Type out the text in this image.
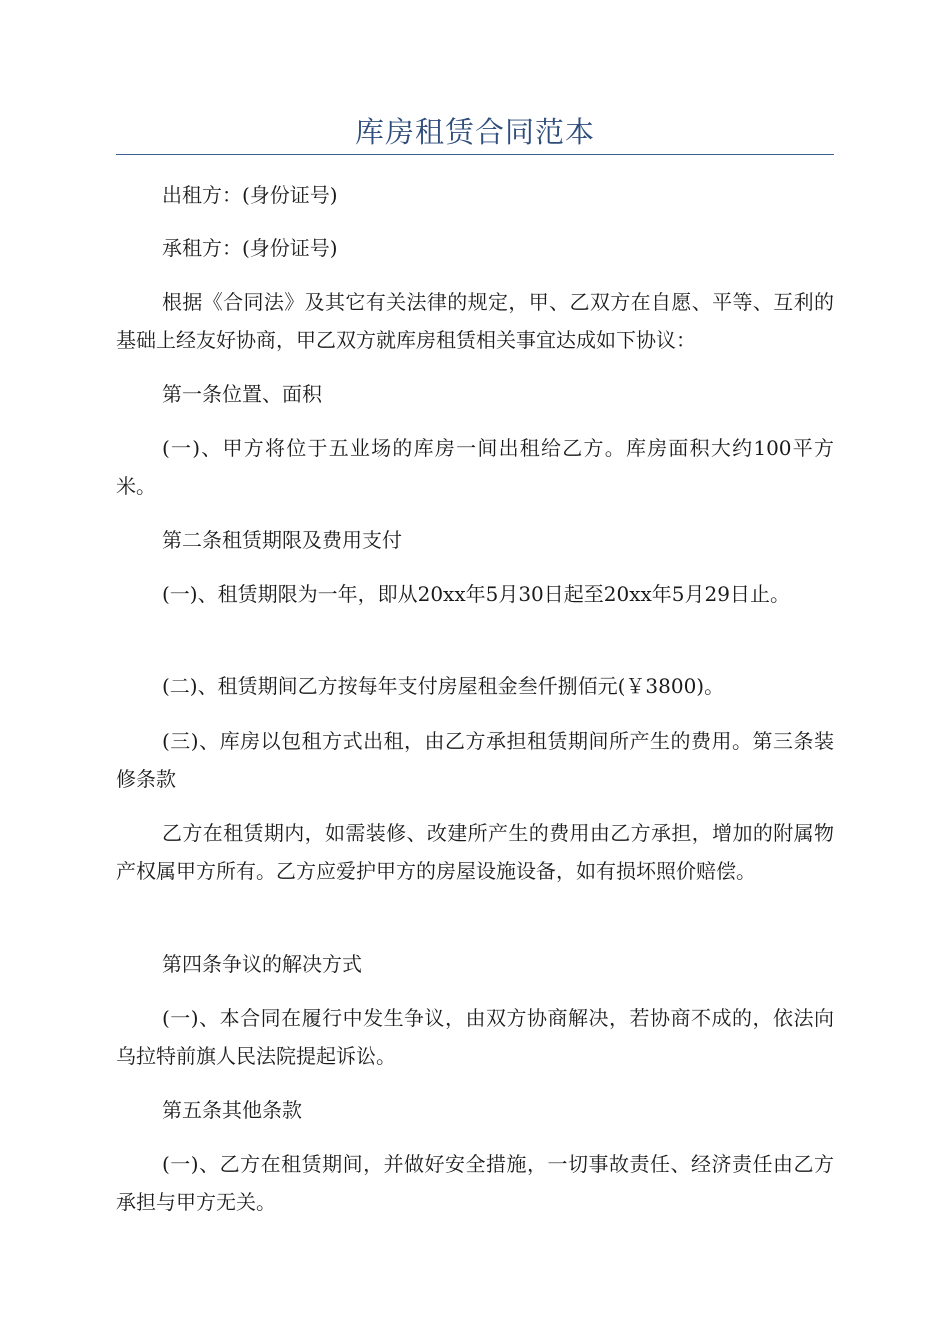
库房租赁合同范本

出租方：(身份证号)

承租方：(身份证号)

根据《合同法》及其它有关法律的规定，甲、乙双方在自愿、平等、互利的基础上经友好协商，甲乙双方就库房租赁相关事宜达成如下协议：

第一条位置、面积

(一)、甲方将位于五业场的库房一间出租给乙方。库房面积大约100平方米。

第二条租赁期限及费用支付

(一)、租赁期限为一年，即从20xx年5月30日起至20xx年5月29日止。

(二)、租赁期间乙方按每年支付房屋租金叁仟捌佰元(￥3800)。

(三)、库房以包租方式出租，由乙方承担租赁期间所产生的费用。第三条装修条款

乙方在租赁期内，如需装修、改建所产生的费用由乙方承担，增加的附属物产权属甲方所有。乙方应爱护甲方的房屋设施设备，如有损坏照价赔偿。

第四条争议的解决方式

(一)、本合同在履行中发生争议，由双方协商解决，若协商不成的，依法向乌拉特前旗人民法院提起诉讼。

第五条其他条款

(一)、乙方在租赁期间，并做好安全措施，一切事故责任、经济责任由乙方承担与甲方无关。
